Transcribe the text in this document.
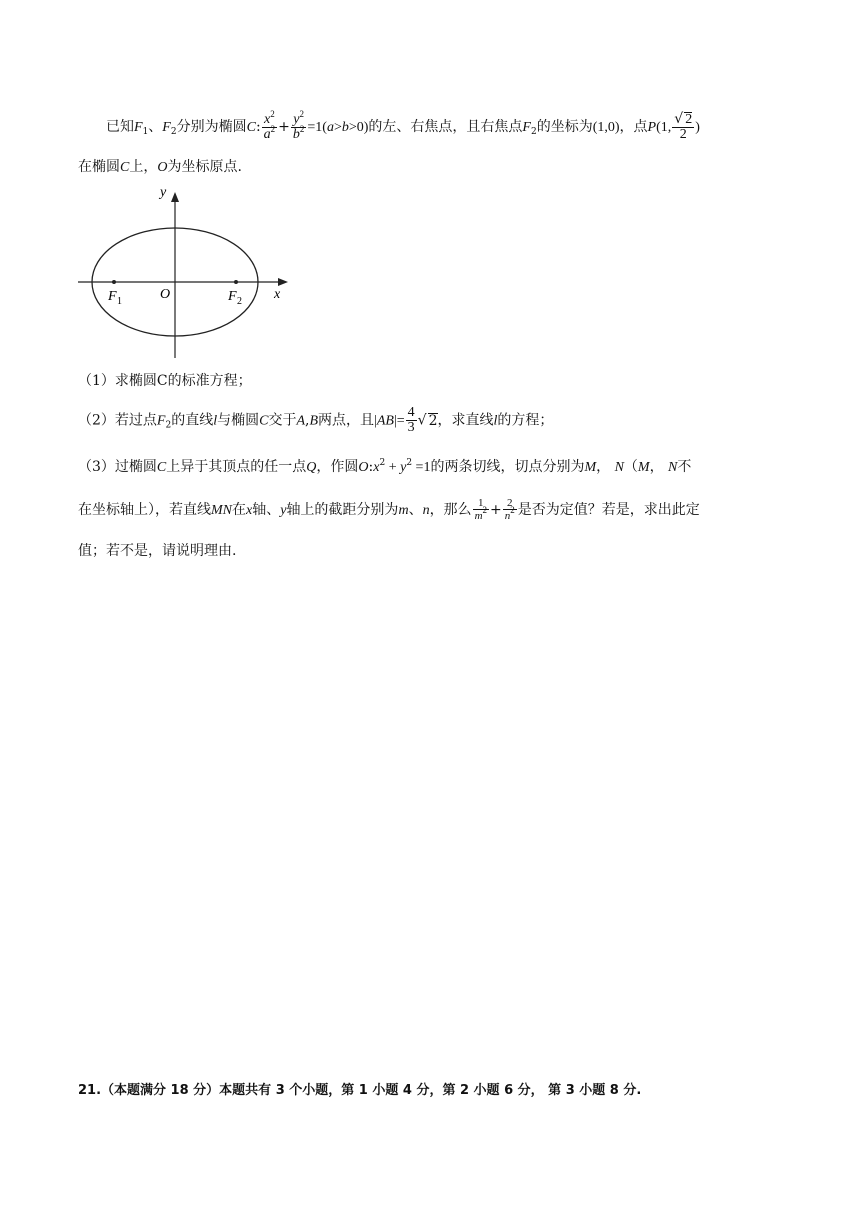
已知$F_1$、$F_2$分别为椭圆C: $\frac{x^2}{a^2} + \frac{y^2}{b^2} =1(a>b>0)$的左、右焦点，且右焦点$F_2$的坐标为(1,0)，点P(1, $\frac{√ 2}{2}$ )
在椭圆C上，O为坐标原点.
y
x
O
F 1	F 2
（1）求椭圆C的标准方程；
（2）若过点$F_2$的直线l与椭圆C交于A,B两点，且$|AB|= \frac{4}{3}$ √ 2，求直线l的方程；
（3）过椭圆C上异于其顶点的任一点Q，作圆$O:x^2 + y^2 =1$的两条切线，切点分别为M， N（M， N不
在坐标轴上），若直线MN在x轴、y轴上的截距分别为m、n，那么 $\frac{1}{m^2} + \frac{2}{n^2}$ 是否为定值？若是，求出此定
值；若不是，请说明理由.
21.（本题满分 18 分）本题共有 3 个小题，第 1 小题 4 分，第 2 小题 6 分， 第 3 小题 8 分.
